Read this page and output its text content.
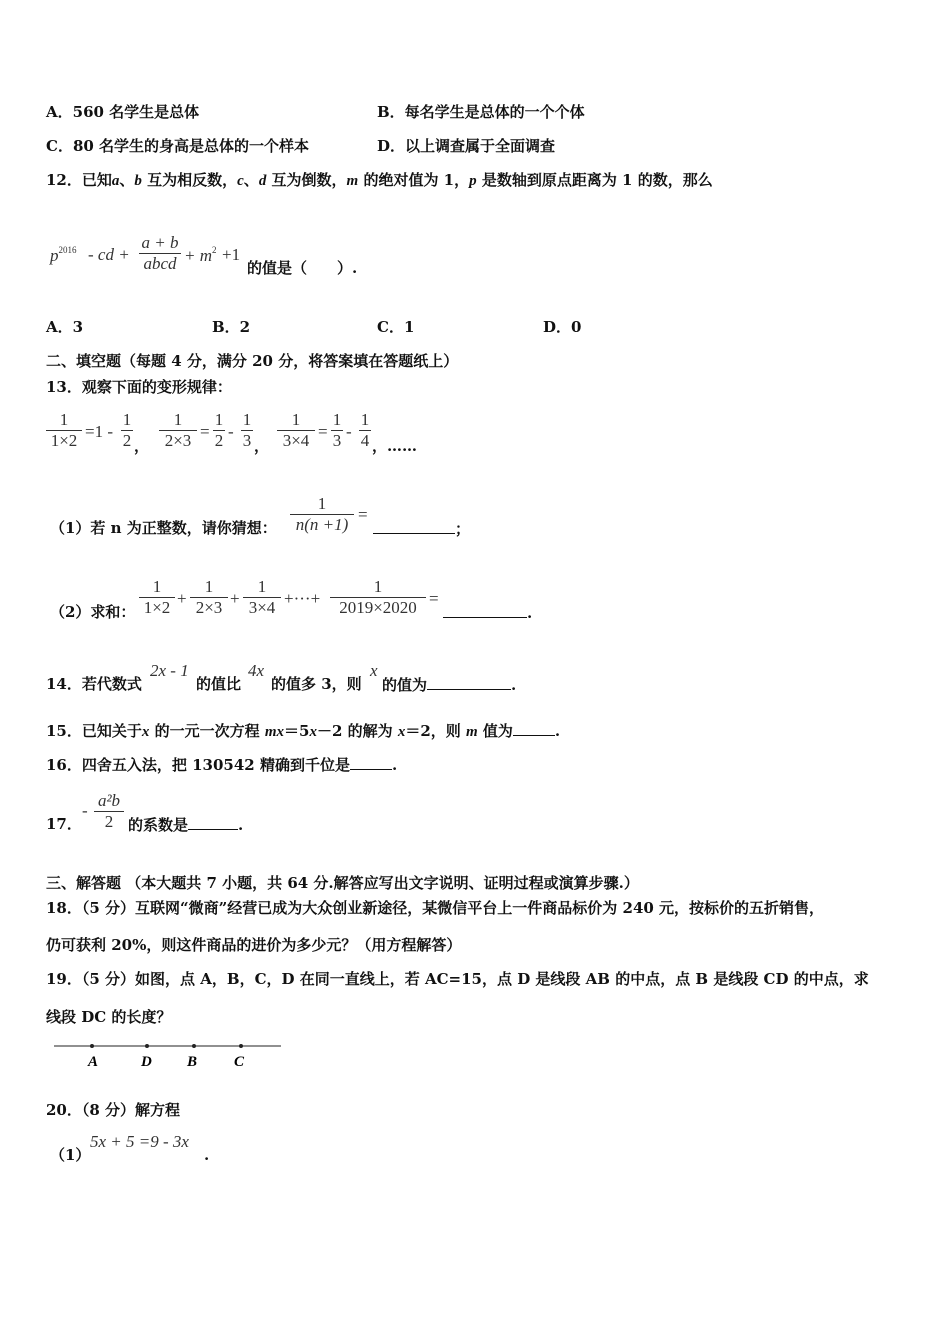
A．560 名学生是总体	B．每名学生是总体的一个个体
C．80 名学生的身高是总体的一个样本	D．以上调查属于全面调查
12．已知a、b 互为相反数，c、d 互为倒数，m 的绝对值为 1，p 是数轴到原点距离为 1 的数，那么
$p^{2016}$ - cd +
a + b
abcd + $m^2 +1$
的值是（　　）.
A．3	B．2	C．1	D．0
二、填空题（每题 4 分，满分 20 分，将答案填在答题纸上）
13．观察下面的变形规律：
1
1×2 =1 -
1
2 ，
1
2×3 =
1
2 -
1
3 ，
1
3×4 =
1
3 -
1
4 ，……
（1）若 n 为正整数，请你猜想：
1
n(n +1)
=
；
（2）求和：
1
1×2 +
1
2×3 +
1
3×4 +···+
1
2019×2020 =
.
14．若代数式
2x - 1
的值比
4x
的值多 3，则
x
的值为	.
15．已知关于x 的一元一次方程 mx＝5x－2 的解为 x＝2，则 m 值为	.
16．四舍五入法，把 130542 精确到千位是	.
17．
-
a²b
2 的系数是	.
三、解答题 （本大题共 7 小题，共 64 分.解答应写出文字说明、证明过程或演算步骤.）
18．（5 分）互联网“微商”经营已成为大众创业新途径，某微信平台上一件商品标价为 240 元，按标价的五折销售，
仍可获利 20%，则这件商品的进价为多少元？（用方程解答）
19．（5 分）如图，点 A，B，C，D 在同一直线上，若 AC=15，点 D 是线段 AB 的中点，点 B 是线段 CD 的中点，求
线段 DC 的长度？
A	D B C
20．（8 分）解方程
（1）
5x + 5 =9 - 3x
.
